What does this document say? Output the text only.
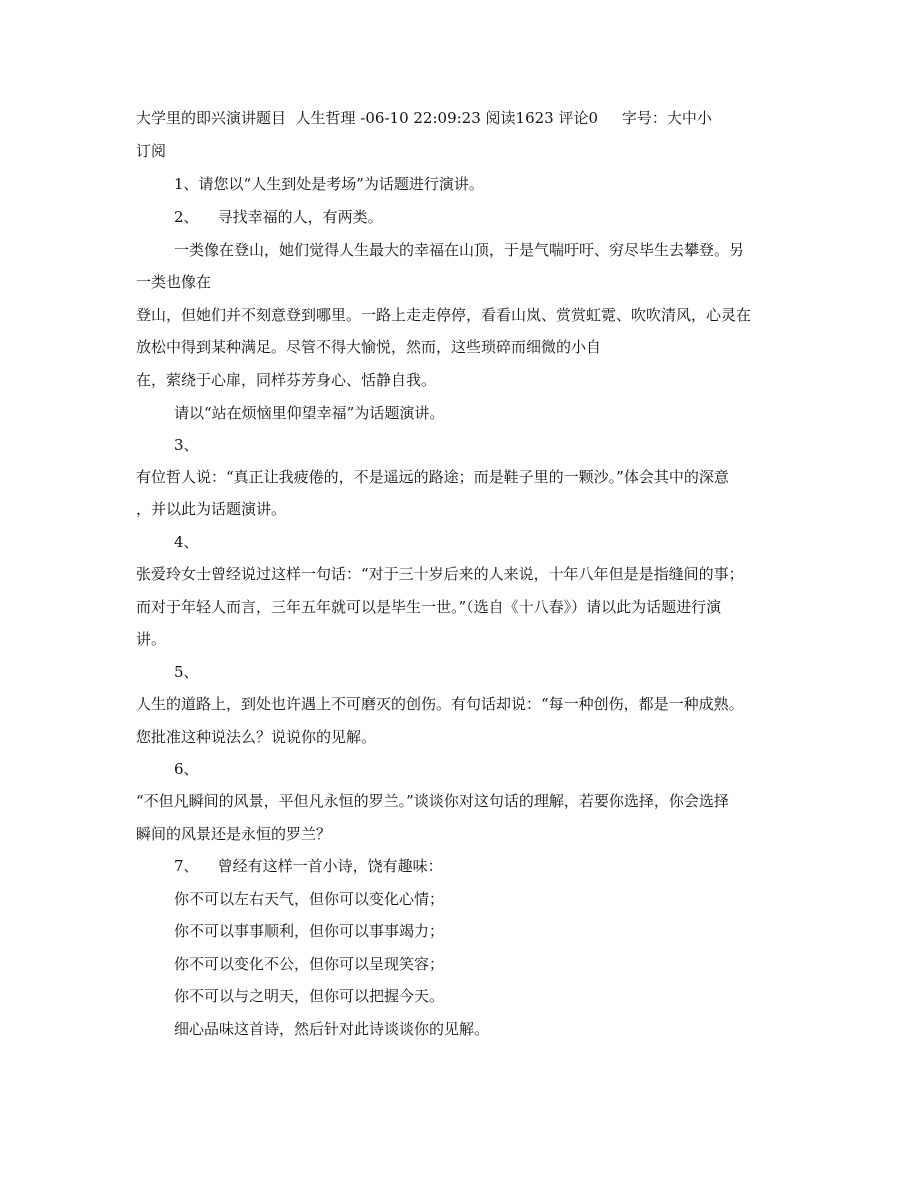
大学里的即兴演讲题目  人生哲理 -06-10 22:09:23 阅读1623 评论0     字号：大中小
订阅
1、请您以“人生到处是考场”为话题进行演讲。
2、    寻找幸福的人，有两类。
一类像在登山，她们觉得人生最大的幸福在山顶，于是气喘吁吁、穷尽毕生去攀登。另
一类也像在
登山，但她们并不刻意登到哪里。一路上走走停停，看看山岚、赏赏虹霓、吹吹清风，心灵在
放松中得到某种满足。尽管不得大愉悦，然而，这些琐碎而细微的小自
在，萦绕于心扉，同样芬芳身心、恬静自我。
请以“站在烦恼里仰望幸福”为话题演讲。
3、
有位哲人说：“真正让我疲倦的，不是遥远的路途；而是鞋子里的一颗沙。”体会其中的深意
，并以此为话题演讲。
4、
张爱玲女士曾经说过这样一句话：“对于三十岁后来的人来说，十年八年但是是指缝间的事；
而对于年轻人而言，三年五年就可以是毕生一世。”（选自《十八春》）请以此为话题进行演
讲。
5、
人生的道路上，到处也许遇上不可磨灭的创伤。有句话却说：“每一种创伤，都是一种成熟。
您批准这种说法么？说说你的见解。
6、
“不但凡瞬间的风景，平但凡永恒的罗兰。”谈谈你对这句话的理解，若要你选择，你会选择
瞬间的风景还是永恒的罗兰？
7、    曾经有这样一首小诗，饶有趣味：
你不可以左右天气，但你可以变化心情；
你不可以事事顺利，但你可以事事竭力；
你不可以变化不公，但你可以呈现笑容；
你不可以与之明天，但你可以把握今天。
细心品味这首诗，然后针对此诗谈谈你的见解。
